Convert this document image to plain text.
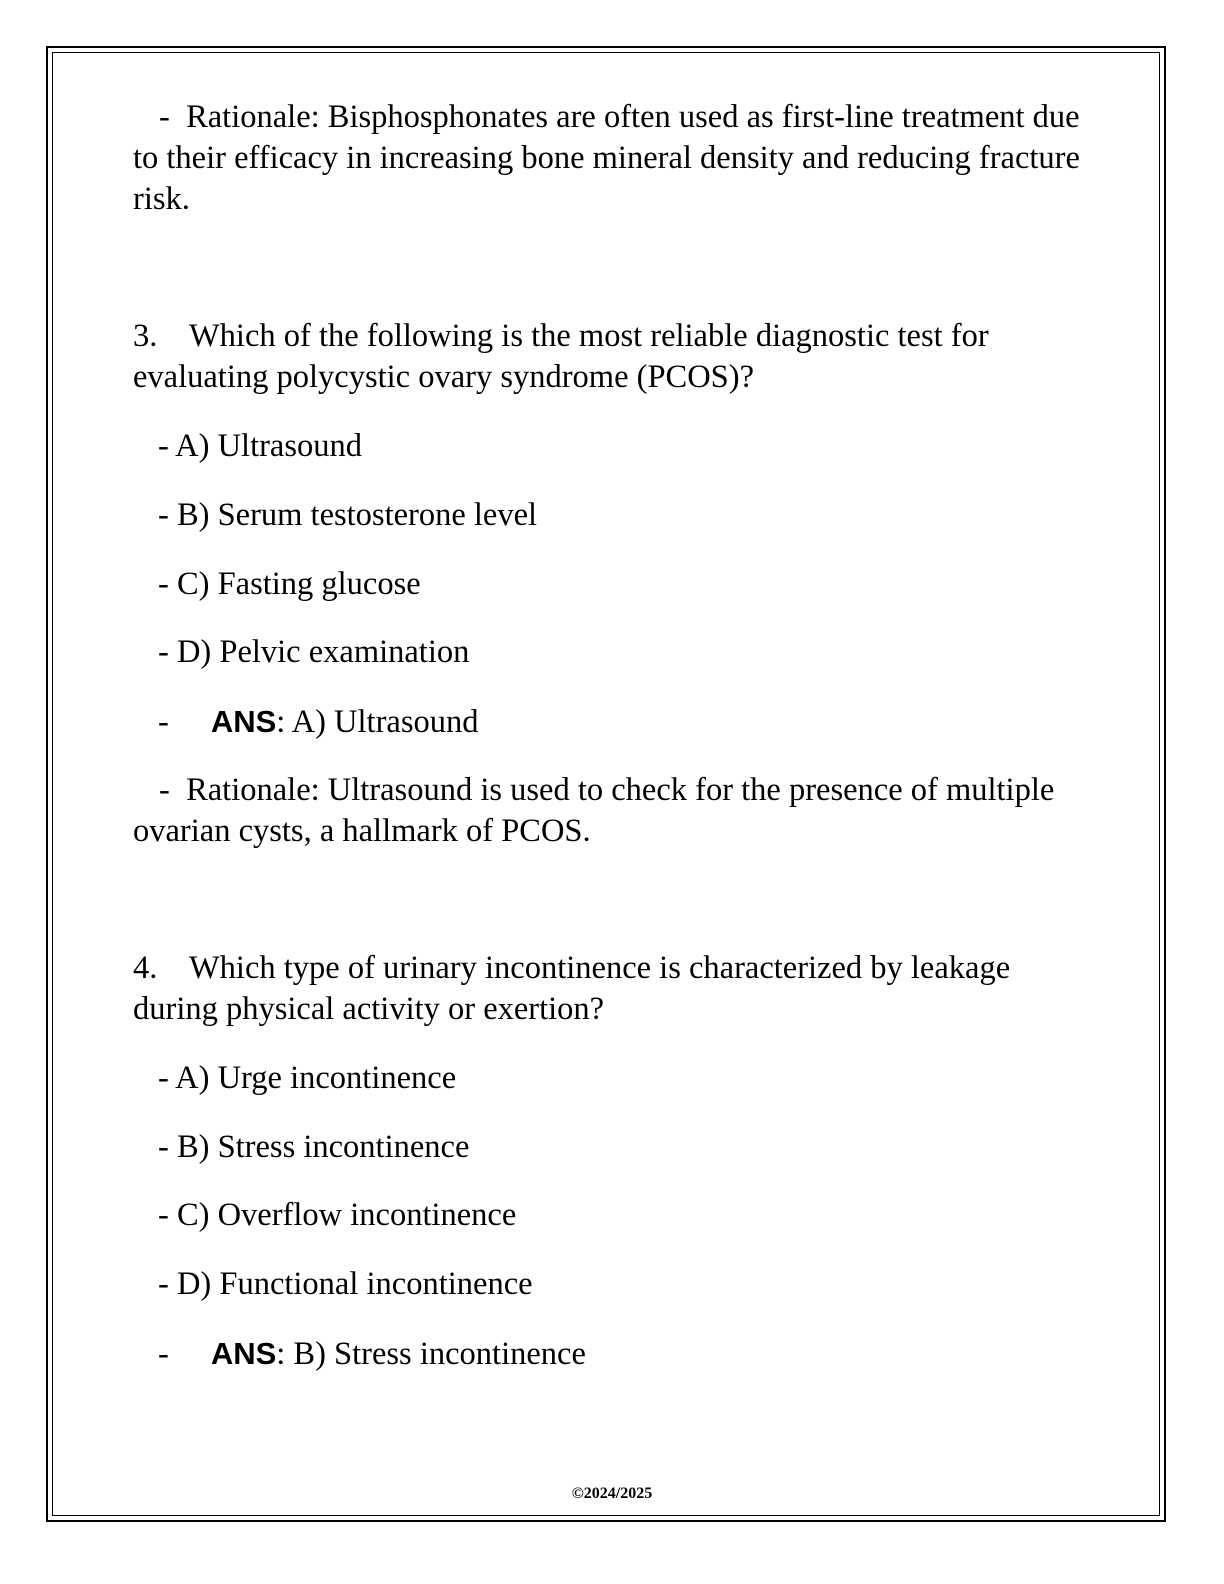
- Rationale: Bisphosphonates are often used as first-line treatment due to their efficacy in increasing bone mineral density and reducing fracture risk.

3. Which of the following is the most reliable diagnostic test for evaluating polycystic ovary syndrome (PCOS)?

- A) Ultrasound

- B) Serum testosterone level

- C) Fasting glucose

- D) Pelvic examination

- ANS: A) Ultrasound

- Rationale: Ultrasound is used to check for the presence of multiple ovarian cysts, a hallmark of PCOS.

4. Which type of urinary incontinence is characterized by leakage during physical activity or exertion?

- A) Urge incontinence

- B) Stress incontinence

- C) Overflow incontinence

- D) Functional incontinence

- ANS: B) Stress incontinence

©2024/2025
